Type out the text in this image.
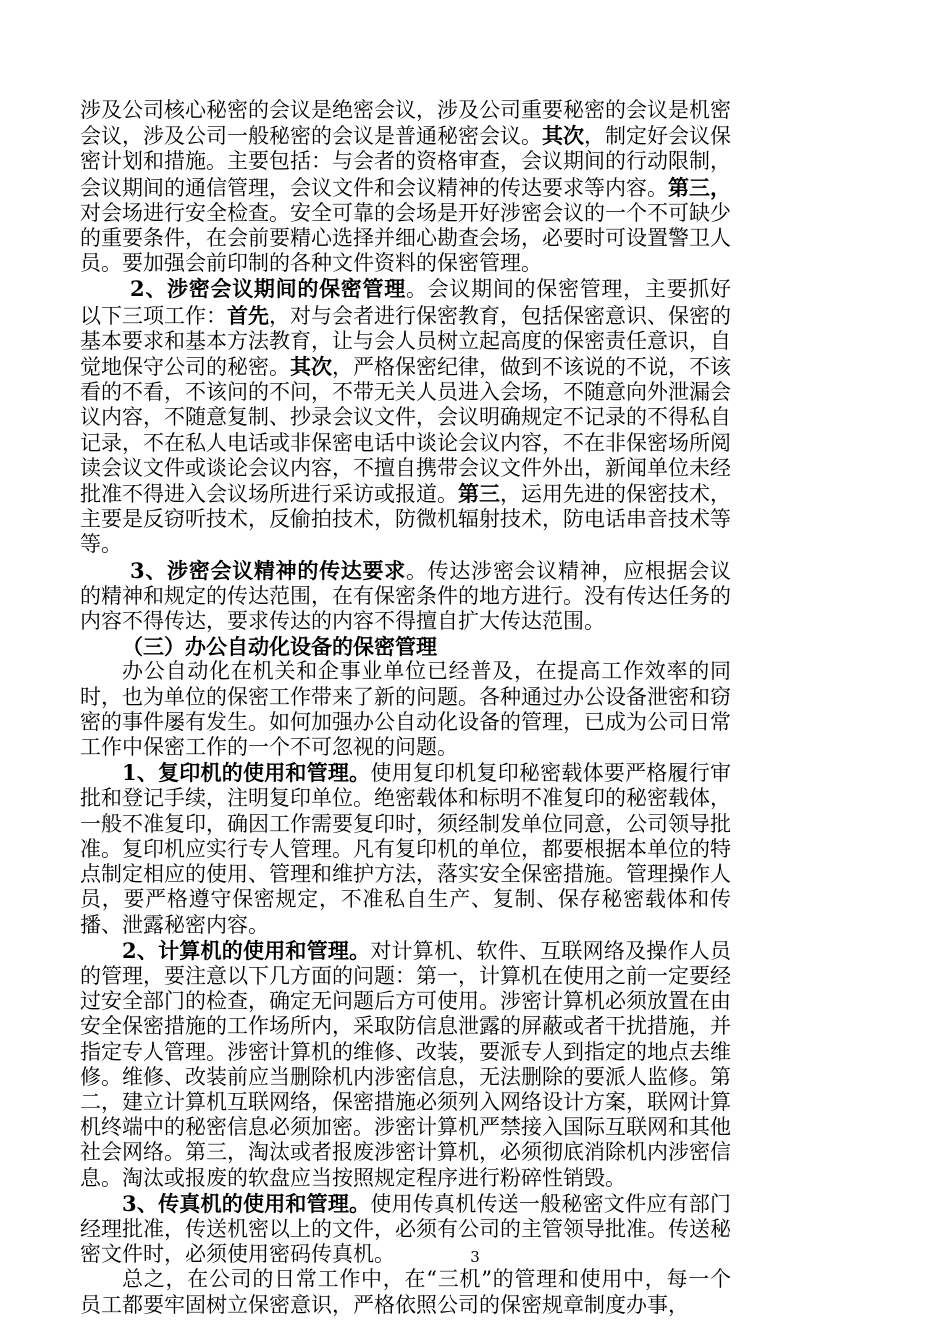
涉及公司核心秘密的会议是绝密会议，涉及公司重要秘密的会议是机密会议，涉及公司一般秘密的会议是普通秘密会议。其次，制定好会议保密计划和措施。主要包括：与会者的资格审查，会议期间的行动限制，会议期间的通信管理，会议文件和会议精神的传达要求等内容。第三，对会场进行安全检查。安全可靠的会场是开好涉密会议的一个不可缺少的重要条件，在会前要精心选择并细心勘查会场，必要时可设置警卫人员。要加强会前印制的各种文件资料的保密管理。

2、涉密会议期间的保密管理。会议期间的保密管理，主要抓好以下三项工作：首先，对与会者进行保密教育，包括保密意识、保密的基本要求和基本方法教育，让与会人员树立起高度的保密责任意识，自觉地保守公司的秘密。其次，严格保密纪律，做到不该说的不说，不该看的不看，不该问的不问，不带无关人员进入会场，不随意向外泄漏会议内容，不随意复制、抄录会议文件，会议明确规定不记录的不得私自记录，不在私人电话或非保密电话中谈论会议内容，不在非保密场所阅读会议文件或谈论会议内容，不擅自携带会议文件外出，新闻单位未经批准不得进入会议场所进行采访或报道。第三，运用先进的保密技术，主要是反窃听技术，反偷拍技术，防微机辐射技术，防电话串音技术等等。

3、涉密会议精神的传达要求。传达涉密会议精神，应根据会议的精神和规定的传达范围，在有保密条件的地方进行。没有传达任务的内容不得传达，要求传达的内容不得擅自扩大传达范围。

（三）办公自动化设备的保密管理

办公自动化在机关和企事业单位已经普及，在提高工作效率的同时，也为单位的保密工作带来了新的问题。各种通过办公设备泄密和窃密的事件屡有发生。如何加强办公自动化设备的管理，已成为公司日常工作中保密工作的一个不可忽视的问题。

1、复印机的使用和管理。使用复印机复印秘密载体要严格履行审批和登记手续，注明复印单位。绝密载体和标明不准复印的秘密载体，一般不准复印，确因工作需要复印时，须经制发单位同意，公司领导批准。复印机应实行专人管理。凡有复印机的单位，都要根据本单位的特点制定相应的使用、管理和维护方法，落实安全保密措施。管理操作人员，要严格遵守保密规定，不准私自生产、复制、保存秘密载体和传播、泄露秘密内容。

2、计算机的使用和管理。对计算机、软件、互联网络及操作人员的管理，要注意以下几方面的问题：第一，计算机在使用之前一定要经过安全部门的检查，确定无问题后方可使用。涉密计算机必须放置在由安全保密措施的工作场所内，采取防信息泄露的屏蔽或者干扰措施，并指定专人管理。涉密计算机的维修、改装，要派专人到指定的地点去维修。维修、改装前应当删除机内涉密信息，无法删除的要派人监修。第二，建立计算机互联网络，保密措施必须列入网络设计方案，联网计算机终端中的秘密信息必须加密。涉密计算机严禁接入国际互联网和其他社会网络。第三，淘汰或者报废涉密计算机，必须彻底消除机内涉密信息。淘汰或报废的软盘应当按照规定程序进行粉碎性销毁。

3、传真机的使用和管理。使用传真机传送一般秘密文件应有部门经理批准，传送机密以上的文件，必须有公司的主管领导批准。传送秘密文件时，必须使用密码传真机。

总之，在公司的日常工作中，在“三机”的管理和使用中，每一个员工都要牢固树立保密意识，严格依照公司的保密规章制度办事，

3
